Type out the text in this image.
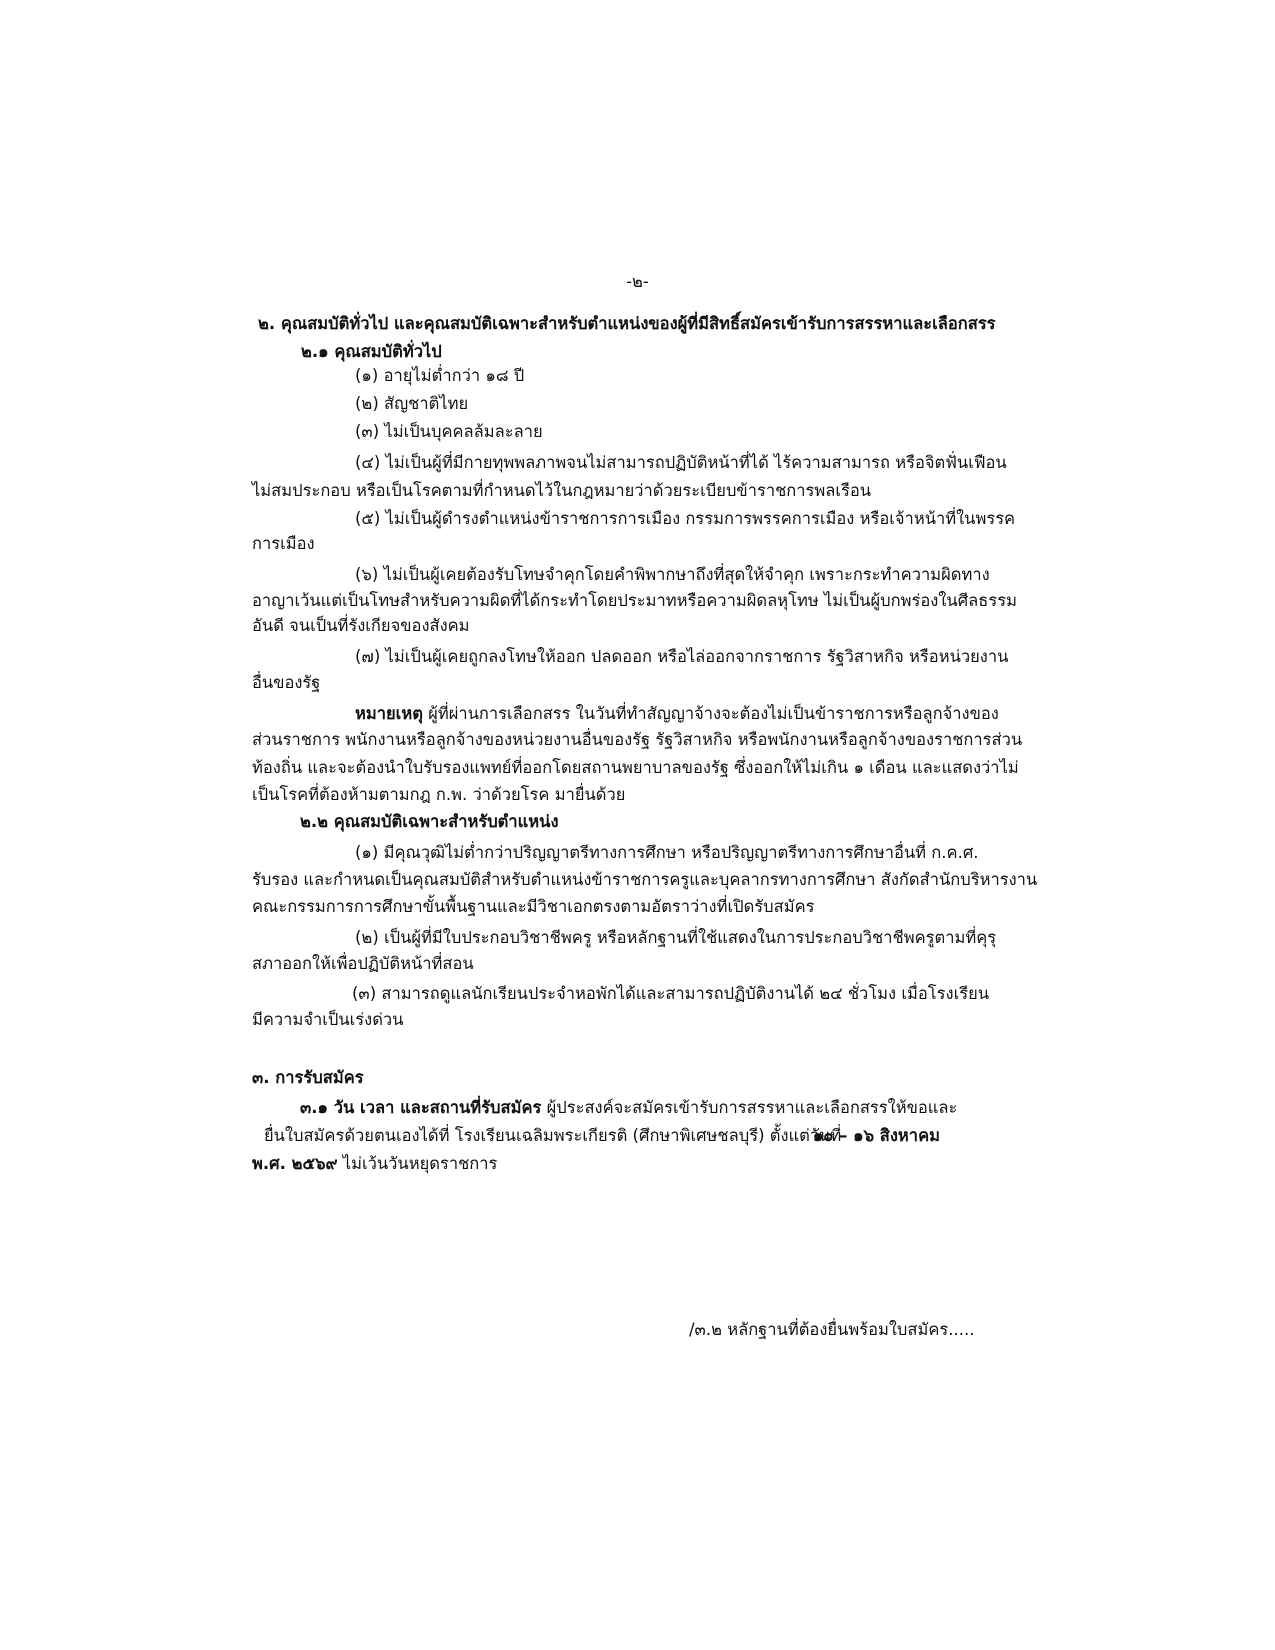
-๒-
๒. คุณสมบัติทั่วไป และคุณสมบัติเฉพาะสำหรับตำแหน่งของผู้ที่มีสิทธิ์สมัครเข้ารับการสรรหาและเลือกสรร
๒.๑ คุณสมบัติทั่วไป
(๑) อายุไม่ต่ำกว่า ๑๘ ปี
(๒) สัญชาติไทย
(๓) ไม่เป็นบุคคลล้มละลาย
(๔) ไม่เป็นผู้ที่มีกายทุพพลภาพจนไม่สามารถปฏิบัติหน้าที่ได้ ไร้ความสามารถ หรือจิตฟั่นเฟือน
ไม่สมประกอบ หรือเป็นโรคตามที่กำหนดไว้ในกฎหมายว่าด้วยระเบียบข้าราชการพลเรือน
(๕) ไม่เป็นผู้ดำรงตำแหน่งข้าราชการการเมือง กรรมการพรรคการเมือง หรือเจ้าหน้าที่ในพรรค
การเมือง
(๖) ไม่เป็นผู้เคยต้องรับโทษจำคุกโดยคำพิพากษาถึงที่สุดให้จำคุก เพราะกระทำความผิดทาง
อาญาเว้นแต่เป็นโทษสำหรับความผิดที่ได้กระทำโดยประมาทหรือความผิดลหุโทษ ไม่เป็นผู้บกพร่องในศีลธรรม
อันดี จนเป็นที่รังเกียจของสังคม
(๗) ไม่เป็นผู้เคยถูกลงโทษให้ออก ปลดออก หรือไล่ออกจากราชการ รัฐวิสาหกิจ หรือหน่วยงาน
อื่นของรัฐ
หมายเหตุ ผู้ที่ผ่านการเลือกสรร ในวันที่ทำสัญญาจ้างจะต้องไม่เป็นข้าราชการหรือลูกจ้างของ
ส่วนราชการ พนักงานหรือลูกจ้างของหน่วยงานอื่นของรัฐ รัฐวิสาหกิจ หรือพนักงานหรือลูกจ้างของราชการส่วน
ท้องถิ่น และจะต้องนำใบรับรองแพทย์ที่ออกโดยสถานพยาบาลของรัฐ ซึ่งออกให้ไม่เกิน ๑ เดือน และแสดงว่าไม่
เป็นโรคที่ต้องห้ามตามกฎ ก.พ. ว่าด้วยโรค มายื่นด้วย
๒.๒ คุณสมบัติเฉพาะสำหรับตำแหน่ง
(๑) มีคุณวุฒิไม่ต่ำกว่าปริญญาตรีทางการศึกษา หรือปริญญาตรีทางการศึกษาอื่นที่ ก.ค.ศ.
รับรอง และกำหนดเป็นคุณสมบัติสำหรับตำแหน่งข้าราชการครูและบุคลากรทางการศึกษา สังกัดสำนักบริหารงาน
คณะกรรมการการศึกษาขั้นพื้นฐานและมีวิชาเอกตรงตามอัตราว่างที่เปิดรับสมัคร
(๒) เป็นผู้ที่มีใบประกอบวิชาชีพครู หรือหลักฐานที่ใช้แสดงในการประกอบวิชาชีพครูตามที่คุรุ
สภาออกให้เพื่อปฏิบัติหน้าที่สอน
(๓) สามารถดูแลนักเรียนประจำหอพักได้และสามารถปฏิบัติงานได้ ๒๔ ชั่วโมง เมื่อโรงเรียน
มีความจำเป็นเร่งด่วน
๓. การรับสมัคร
๓.๑ วัน เวลา และสถานที่รับสมัคร ผู้ประสงค์จะสมัครเข้ารับการสรรหาและเลือกสรรให้ขอและ
ยื่นใบสมัครด้วยตนเองได้ที่ โรงเรียนเฉลิมพระเกียรติ (ศึกษาพิเศษชลบุรี) ตั้งแต่วันที่
๑๐ – ๑๖ สิงหาคม
พ.ศ. ๒๕๖๙ ไม่เว้นวันหยุดราชการ
/๓.๒ หลักฐานที่ต้องยื่นพร้อมใบสมัคร.....
